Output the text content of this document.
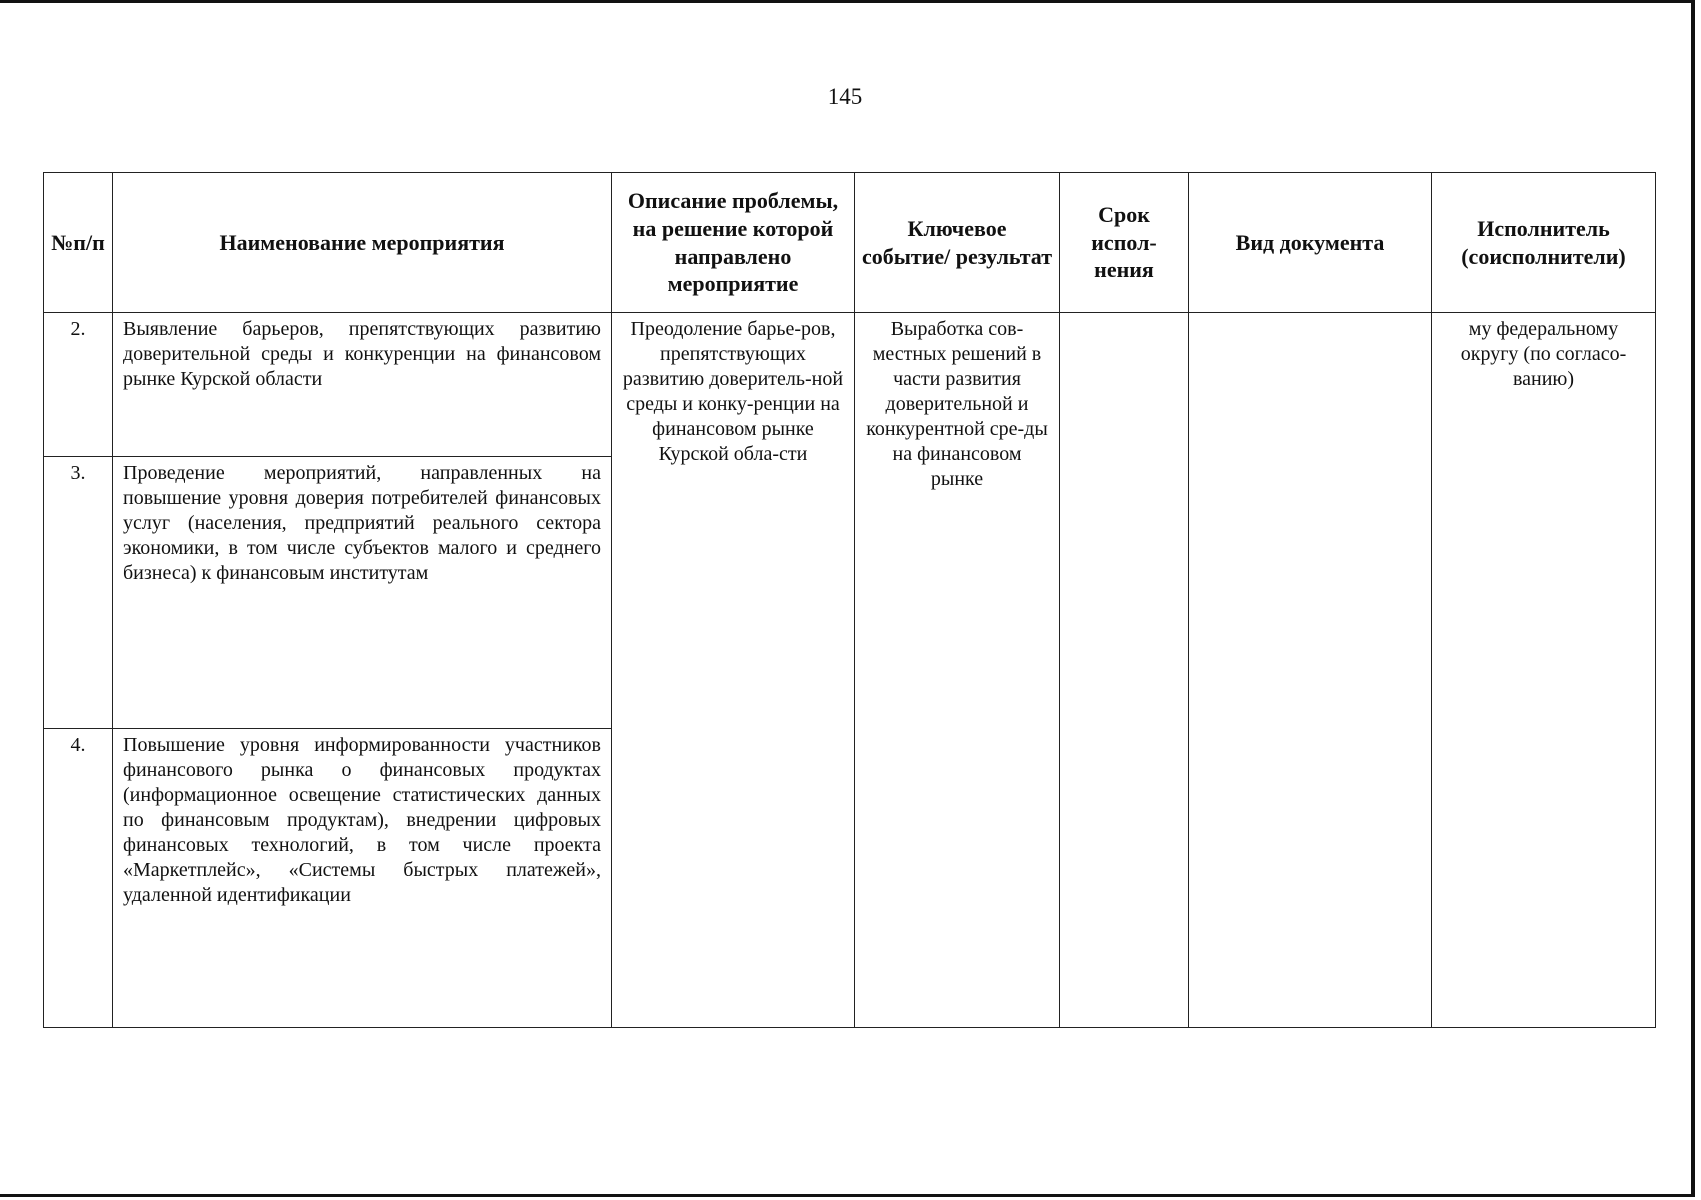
145
№п/п	Наименование мероприятия	Описание проблемы, на решение которой направлено мероприятие	Ключевое событие/ результат	Срок испол-нения	Вид документа	Исполнитель (соисполнители)
2.	Выявление барьеров, препятствующих развитию доверительной среды и конкуренции на финансовом рынке Курской области	Преодоление барье-ров, препятствующих развитию доверитель-ной среды и конку-ренции на финансовом рынке Курской обла-сти	Выработка сов-местных решений в части развития доверительной и конкурентной сре-ды на финансовом рынке			му федеральному округу (по согласо-ванию)
3.	Проведение мероприятий, направленных на повышение уровня доверия потребителей финансовых услуг (населения, предприятий реального сектора экономики, в том числе субъектов малого и среднего бизнеса) к финансовым институтам					
4.	Повышение уровня информированности участников финансового рынка о финансовых продуктах (информационное освещение статистических данных по финансовым продуктам), внедрении цифровых финансовых технологий, в том числе проекта «Маркетплейс», «Системы быстрых платежей», удаленной идентификации					
